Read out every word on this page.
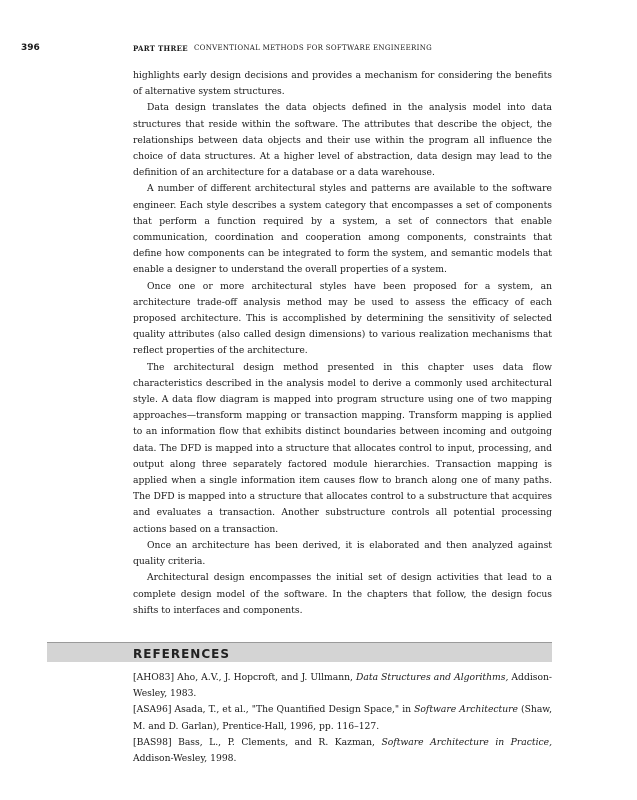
396	PART THREE CONVENTIONAL METHODS FOR SOFTWARE ENGINEERING

highlights early design decisions and provides a mechanism for considering the benefits of alternative system structures.

Data design translates the data objects defined in the analysis model into data structures that reside within the software. The attributes that describe the object, the relationships between data objects and their use within the program all influence the choice of data structures. At a higher level of abstraction, data design may lead to the definition of an architecture for a database or a data warehouse.

A number of different architectural styles and patterns are available to the software engineer. Each style describes a system category that encompasses a set of components that perform a function required by a system, a set of connectors that enable communication, coordination and cooperation among components, constraints that define how components can be integrated to form the system, and semantic models that enable a designer to understand the overall properties of a system.

Once one or more architectural styles have been proposed for a system, an architecture trade-off analysis method may be used to assess the efficacy of each proposed architecture. This is accomplished by determining the sensitivity of selected quality attributes (also called design dimensions) to various realization mechanisms that reflect properties of the architecture.

The architectural design method presented in this chapter uses data flow characteristics described in the analysis model to derive a commonly used architectural style. A data flow diagram is mapped into program structure using one of two mapping approaches—transform mapping or transaction mapping. Transform mapping is applied to an information flow that exhibits distinct boundaries between incoming and outgoing data. The DFD is mapped into a structure that allocates control to input, processing, and output along three separately factored module hierarchies. Transaction mapping is applied when a single information item causes flow to branch along one of many paths. The DFD is mapped into a structure that allocates control to a substructure that acquires and evaluates a transaction. Another substructure controls all potential processing actions based on a transaction.

Once an architecture has been derived, it is elaborated and then analyzed against quality criteria.

Architectural design encompasses the initial set of design activities that lead to a complete design model of the software. In the chapters that follow, the design focus shifts to interfaces and components.

REFERENCES

[AHO83] Aho, A.V., J. Hopcroft, and J. Ullmann, Data Structures and Algorithms, Addison-Wesley, 1983.

[ASA96] Asada, T., et al., "The Quantified Design Space," in Software Architecture (Shaw, M. and D. Garlan), Prentice-Hall, 1996, pp. 116–127.

[BAS98] Bass, L., P. Clements, and R. Kazman, Software Architecture in Practice, Addison-Wesley, 1998.
